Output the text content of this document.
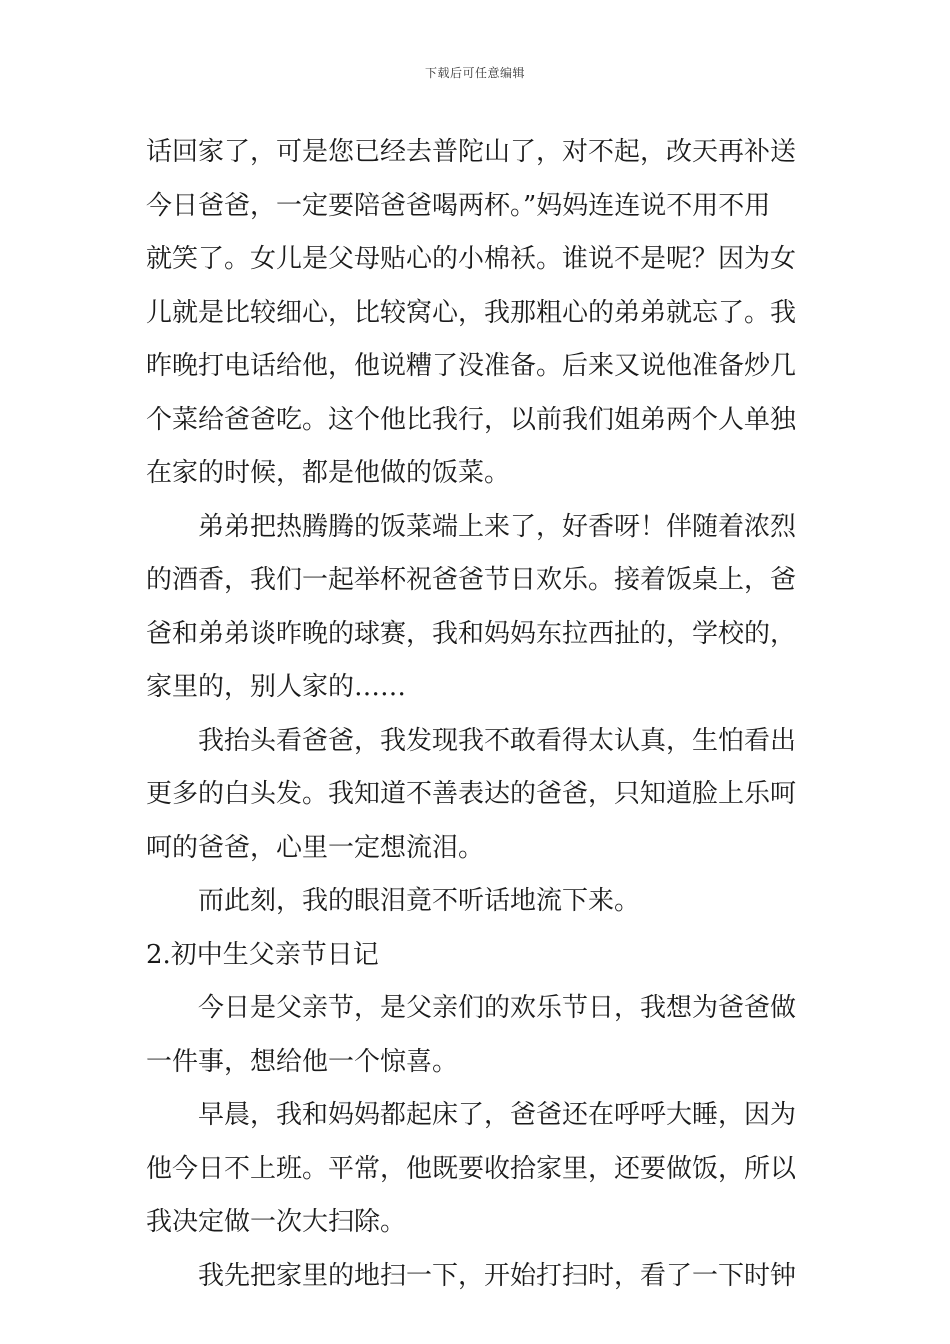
下载后可任意编辑
话回家了，可是您已经去普陀山了，对不起，改天再补送
今日爸爸，一定要陪爸爸喝两杯。”妈妈连连说不用不用
就笑了。女儿是父母贴心的小棉袄。谁说不是呢？因为女
儿就是比较细心，比较窝心，我那粗心的弟弟就忘了。我
昨晚打电话给他，他说糟了没准备。后来又说他准备炒几
个菜给爸爸吃。这个他比我行，以前我们姐弟两个人单独
在家的时候，都是他做的饭菜。
弟弟把热腾腾的饭菜端上来了，好香呀！伴随着浓烈
的酒香，我们一起举杯祝爸爸节日欢乐。接着饭桌上，爸
爸和弟弟谈昨晚的球赛，我和妈妈东拉西扯的，学校的，
家里的，别人家的……
我抬头看爸爸，我发现我不敢看得太认真，生怕看出
更多的白头发。我知道不善表达的爸爸，只知道脸上乐呵
呵的爸爸，心里一定想流泪。
而此刻，我的眼泪竟不听话地流下来。
2.初中生父亲节日记
今日是父亲节，是父亲们的欢乐节日，我想为爸爸做
一件事，想给他一个惊喜。
早晨，我和妈妈都起床了，爸爸还在呼呼大睡，因为
他今日不上班。平常，他既要收拾家里，还要做饭，所以
我决定做一次大扫除。
我先把家里的地扫一下，开始打扫时，看了一下时钟
